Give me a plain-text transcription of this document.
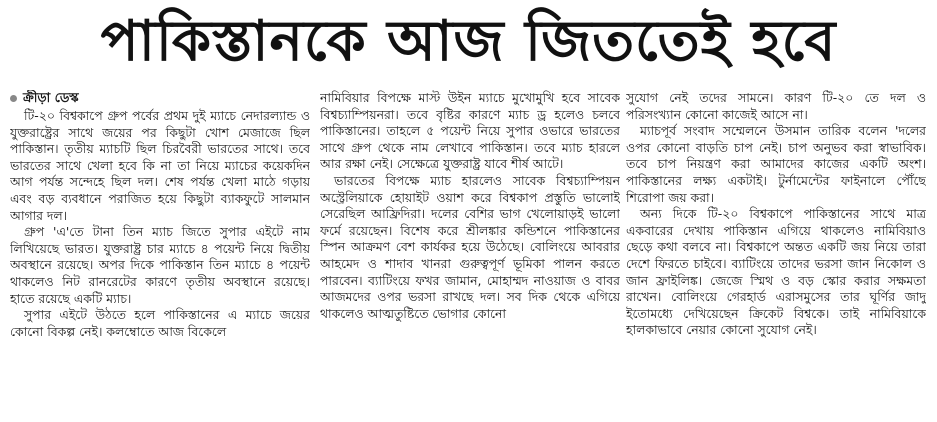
পাকিস্তানকে আজ জিততেই হবে
ক্রীড়া ডেস্ক

টি-২০ বিশ্বকাপে গ্রুপ পর্বের প্রথম দুই ম্যাচে নেদারল্যান্ড ও যুক্তরাষ্ট্রের সাথে জয়ের পর কিছুটা খোশ মেজাজে ছিল পাকিস্তান। তৃতীয় ম্যাচটি ছিল চিরবৈরী ভারতের সাথে। তবে ভারতের সাথে খেলা হবে কি না তা নিয়ে ম্যাচের কয়েকদিন আগ পর্যন্ত সন্দেহে ছিল দল। শেষ পর্যন্ত খেলা মাঠে গড়ায় এবং বড় ব্যবধানে পরাজিত হয়ে কিছুটা ব্যাকফুটে সালমান আগার দল।

গ্রুপ 'এ'তে টানা তিন ম্যাচ জিতে সুপার এইটে নাম লিখিয়েছে ভারত। যুক্তরাষ্ট্র চার ম্যাচে ৪ পয়েন্ট নিয়ে দ্বিতীয় অবস্থানে রয়েছে। অপর দিকে পাকিস্তান তিন ম্যাচে ৪ পয়েন্ট থাকলেও নিট রানরেটের কারণে তৃতীয় অবস্থানে রয়েছে। হাতে রয়েছে একটি ম্যাচ।

সুপার এইটে উঠতে হলে পাকিস্তানের এ ম্যাচে জয়ের কোনো বিকল্প নেই। কলম্বোতে আজ বিকেলে

নামিবিয়ার বিপক্ষে মাস্ট উইন ম্যাচে মুখোমুখি হবে সাবেক বিশ্বচ্যাম্পিয়নরা। তবে বৃষ্টির কারণে ম্যাচ ড্র হলেও চলবে পাকিস্তানের। তাহলে ৫ পয়েন্ট নিয়ে সুপার ওভারে ভারতের সাথে গ্রুপ থেকে নাম লেখাবে পাকিস্তান। তবে ম্যাচ হারলে আর রক্ষা নেই। সেক্ষেত্রে যুক্তরাষ্ট্র যাবে শীর্ষ আটে।

ভারতের বিপক্ষে ম্যাচ হারলেও সাবেক বিশ্বচ্যাম্পিয়ন অস্ট্রেলিয়াকে হোয়াইট ওয়াশ করে বিশ্বকাপ প্রস্তুতি ভালোই সেরেছিল আফ্রিদিরা। দলের বেশির ভাগ খেলোয়াড়ই ভালো ফর্মে রয়েছেন। বিশেষ করে শ্রীলঙ্কার কন্ডিশনে পাকিস্তানের স্পিন আক্রমণ বেশ কার্যকর হয়ে উঠেছে। বোলিংয়ে আবরার আহমেদ ও শাদাব খানরা গুরুত্বপূর্ণ ভূমিকা পালন করতে পারবেন। ব্যাটিংয়ে ফখর জামান, মোহাম্মদ নাওয়াজ ও বাবর আজমদের ওপর ভরসা রাখছে দল। সব দিক থেকে এগিয়ে থাকলেও আত্মতুষ্টিতে ভোগার কোনো

সুযোগ নেই তদের সামনে। কারণ টি-২০ তে দল ও পরিসংখ্যান কোনো কাজেই আসে না।

ম্যাচপূর্ব সংবাদ সম্মেলনে উসমান তারিক বলেন 'দলের ওপর কোনো বাড়তি চাপ নেই। চাপ অনুভব করা স্বাভাবিক। তবে চাপ নিয়ন্ত্রণ করা আমাদের কাজের একটি অংশ। পাকিস্তানের লক্ষ্য একটাই। টুর্নামেন্টের ফাইনালে পৌঁছে শিরোপা জয় করা।

অন্য দিকে টি-২০ বিশ্বকাপে পাকিস্তানের সাথে মাত্র একবারের দেখায় পাকিস্তান এগিয়ে থাকলেও নামিবিয়াও ছেড়ে কথা বলবে না। বিশ্বকাপে অন্তত একটি জয় নিয়ে তারা দেশে ফিরতে চাইবে। ব্যাটিংয়ে তাদের ভরসা জান নিকোল ও জান ফ্রাইলিঙ্ক। জেজে স্মিথ ও বড় স্কোর করার সক্ষমতা রাখেন। বোলিংয়ে গেরহার্ড এরাসমুসের তার ঘূর্ণির জাদু ইতোমধ্যে দেখিয়েছেন ক্রিকেট বিশ্বকে। তাই নামিবিয়াকে হালকাভাবে নেয়ার কোনো সুযোগ নেই।
